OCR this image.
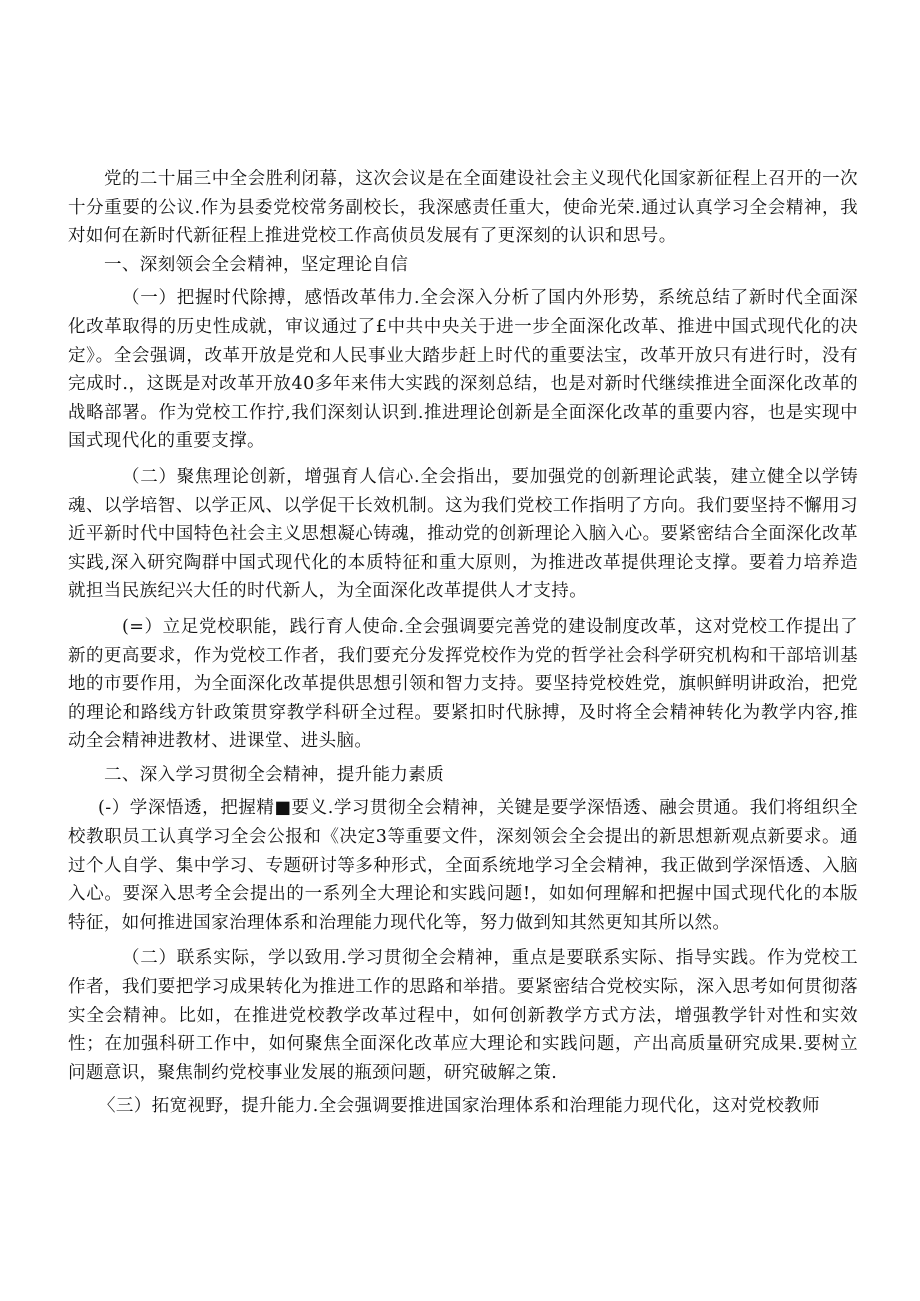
党的二十届三中全会胜利闭幕，这次会议是在全面建设社会主义现代化国家新征程上召开的一次十分重要的公议.作为县委党校常务副校长，我深感责任重大，使命光荣.通过认真学习全会精神，我对如何在新时代新征程上推进党校工作高侦员发展有了更深刻的认识和思号。

一、深刻领会全会精神，坚定理论自信

（一）把握时代除搏，感悟改革伟力.全会深入分析了国内外形势，系统总结了新时代全面深化改革取得的历史性成就，审议通过了£中共中央关于进一步全面深化改革、推进中国式现代化的决定》。全会强调，改革开放是党和人民事业大踏步赶上时代的重要法宝，改革开放只有进行时，没有完成时.，这既是对改革开放40多年来伟大实践的深刻总结，也是对新时代继续推进全面深化改革的战略部署。作为党校工作拧,我们深刻认识到.推进理论创新是全面深化改革的重要内容，也是实现中国式现代化的重要支撑。

（二）聚焦理论创新，增强育人信心.全会指出，要加强党的创新理论武装，建立健全以学铸魂、以学培智、以学正风、以学促干长效机制。这为我们党校工作指明了方向。我们要坚持不懈用习近平新时代中国特色社会主义思想凝心铸魂，推动党的创新理论入脑入心。要紧密结合全面深化改革实践,深入研究陶群中国式现代化的本质特征和重大原则，为推进改革提供理论支撑。要着力培养造就担当民族纪兴大任的时代新人，为全面深化改革提供人才支持。

(=）立足党校职能，践行育人使命.全会强调要完善党的建设制度改革，这对党校工作提出了新的更高要求，作为党校工作者，我们要充分发挥党校作为党的哲学社会科学研究机构和干部培训基地的市要作用，为全面深化改革提供思想引领和智力支持。要坚持党校姓党，旗帜鲜明讲政治，把党的理论和路线方针政策贯穿教学科研全过程。要紧扣时代脉搏，及时将全会精神转化为教学内容,推动全会精神进教材、进课堂、进头脑。

二、深入学习贯彻全会精神，提升能力素质

(-）学深悟透，把握精■要义.学习贯彻全会精神，关键是要学深悟透、融会贯通。我们将组织全校教职员工认真学习全会公报和《决定3等重要文件，深刻领会全会提出的新思想新观点新要求。通过个人自学、集中学习、专题研讨等多种形式，全面系统地学习全会精神，我正做到学深悟透、入脑入心。要深入思考全会提出的一系列全大理论和实践问题!，如如何理解和把握中国式现代化的本版特征，如何推进国家治理体系和治理能力现代化等，努力做到知其然更知其所以然。

（二）联系实际，学以致用.学习贯彻全会精神，重点是要联系实际、指导实践。作为党校工作者，我们要把学习成果转化为推进工作的思路和举措。要紧密结合党校实际，深入思考如何贯彻落实全会精神。比如，在推进党校教学改革过程中，如何创新教学方式方法，增强教学针对性和实效性；在加强科研工作中，如何聚焦全面深化改革应大理论和实践问题，产出高质量研究成果.要树立问题意识，聚焦制约党校事业发展的瓶颈问题，研究破解之策.

〈三）拓宽视野，提升能力.全会强调要推进国家治理体系和治理能力现代化，这对党校教师
